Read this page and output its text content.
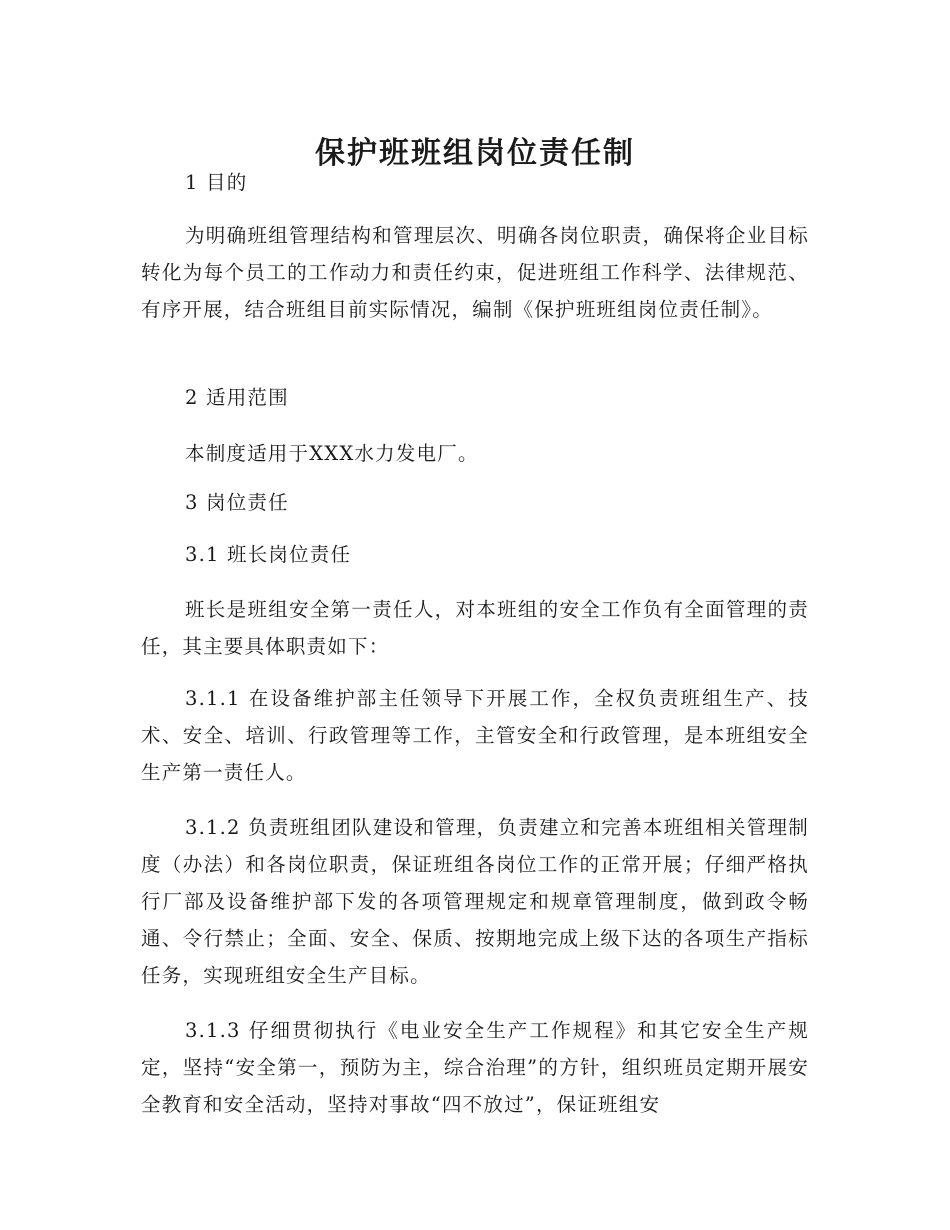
保护班班组岗位责任制
1 目的

为明确班组管理结构和管理层次、明确各岗位职责，确保将企业目标转化为每个员工的工作动力和责任约束，促进班组工作科学、法律规范、有序开展，结合班组目前实际情况，编制《保护班班组岗位责任制》。

2 适用范围

本制度适用于XXX水力发电厂。

3 岗位责任
3.1 班长岗位责任

班长是班组安全第一责任人，对本班组的安全工作负有全面管理的责任，其主要具体职责如下：

3.1.1 在设备维护部主任领导下开展工作，全权负责班组生产、技术、安全、培训、行政管理等工作，主管安全和行政管理，是本班组安全生产第一责任人。

3.1.2 负责班组团队建设和管理，负责建立和完善本班组相关管理制度（办法）和各岗位职责，保证班组各岗位工作的正常开展；仔细严格执行厂部及设备维护部下发的各项管理规定和规章管理制度，做到政令畅通、令行禁止；全面、安全、保质、按期地完成上级下达的各项生产指标任务，实现班组安全生产目标。

3.1.3 仔细贯彻执行《电业安全生产工作规程》和其它安全生产规定，坚持“安全第一，预防为主，综合治理”的方针，组织班员定期开展安全教育和安全活动，坚持对事故“四不放过”，保证班组安
